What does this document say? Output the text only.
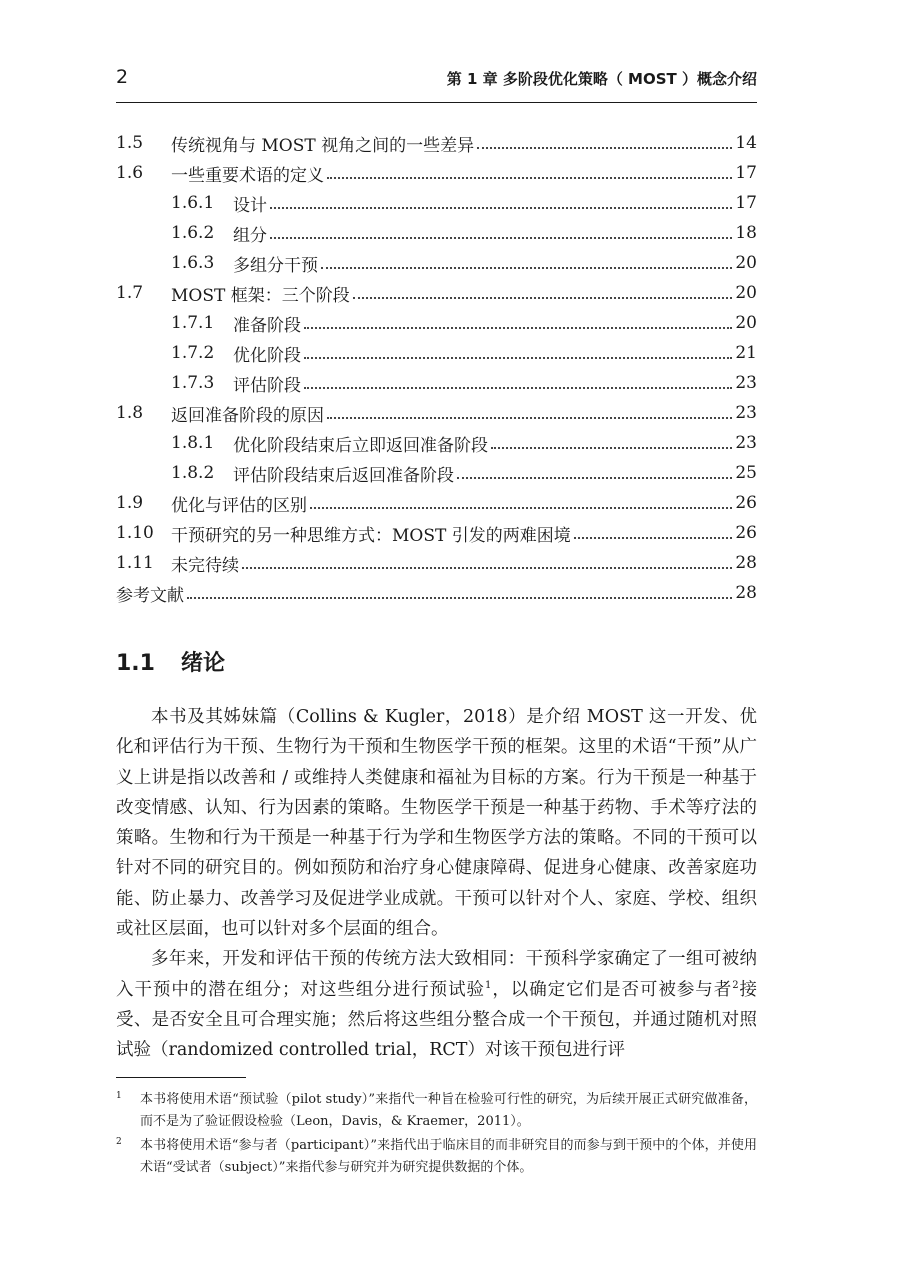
2	第 1 章 多阶段优化策略（ MOST ）概念介绍
1.5	传统视角与 MOST 视角之间的一些差异	14
1.6	一些重要术语的定义	17
1.6.1	设计	17
1.6.2	组分	18
1.6.3	多组分干预	20
1.7	MOST 框架：三个阶段	20
1.7.1	准备阶段	20
1.7.2	优化阶段	21
1.7.3	评估阶段	23
1.8	返回准备阶段的原因	23
1.8.1	优化阶段结束后立即返回准备阶段	23
1.8.2	评估阶段结束后返回准备阶段	25
1.9	优化与评估的区别	26
1.10	干预研究的另一种思维方式：MOST 引发的两难困境	26
1.11	未完待续	28
参考文献	28
1.1 绪论

本书及其姊妹篇（Collins & Kugler，2018）是介绍 MOST 这一开发、优化和评估行为干预、生物行为干预和生物医学干预的框架。这里的术语“干预”从广义上讲是指以改善和 / 或维持人类健康和福祉为目标的方案。行为干预是一种基于改变情感、认知、行为因素的策略。生物医学干预是一种基于药物、手术等疗法的策略。生物和行为干预是一种基于行为学和生物医学方法的策略。不同的干预可以针对不同的研究目的。例如预防和治疗身心健康障碍、促进身心健康、改善家庭功能、防止暴力、改善学习及促进学业成就。干预可以针对个人、家庭、学校、组织或社区层面，也可以针对多个层面的组合。

多年来，开发和评估干预的传统方法大致相同：干预科学家确定了一组可被纳入干预中的潜在组分；对这些组分进行预试验$^1$，以确定它们是否可被参与者$^2$接受、是否安全且可合理实施；然后将这些组分整合成一个干预包，并通过随机对照试验（randomized controlled trial，RCT）对该干预包进行评

1 本书将使用术语“预试验（pilot study）”来指代一种旨在检验可行性的研究，为后续开展正式研究做准备，而不是为了验证假设检验（Leon，Davis，& Kraemer，2011）。
2 本书将使用术语“参与者（participant）”来指代出于临床目的而非研究目的而参与到干预中的个体，并使用术语“受试者（subject）”来指代参与研究并为研究提供数据的个体。
